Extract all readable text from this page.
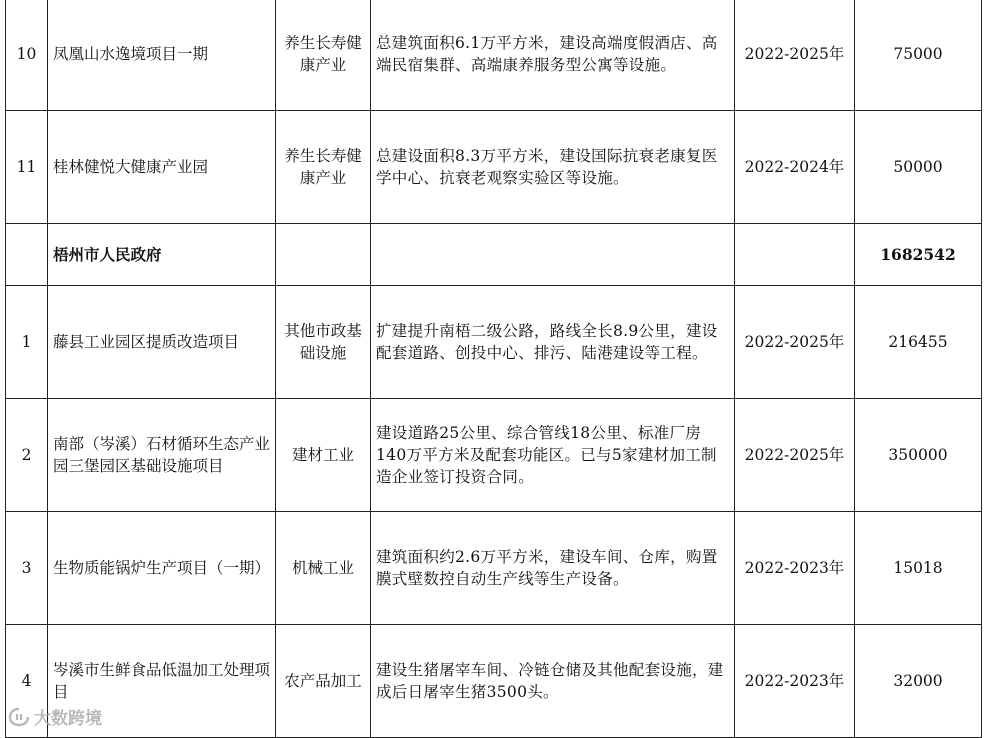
10	凤凰山水逸境项目一期	养生长寿健康产业	总建筑面积6.1万平方米，建设高端度假酒店、高端民宿集群、高端康养服务型公寓等设施。	2022-2025年	75000
11	桂林健悦大健康产业园	养生长寿健康产业	总建设面积8.3万平方米，建设国际抗衰老康复医学中心、抗衰老观察实验区等设施。	2022-2024年	50000
	梧州市人民政府				1682542
1	藤县工业园区提质改造项目	其他市政基础设施	扩建提升南梧二级公路，路线全长8.9公里，建设配套道路、创投中心、排污、陆港建设等工程。	2022-2025年	216455
2	南部（岑溪）石材循环生态产业园三堡园区基础设施项目	建材工业	建设道路25公里、综合管线18公里、标准厂房140万平方米及配套功能区。已与5家建材加工制造企业签订投资合同。	2022-2025年	350000
3	生物质能锅炉生产项目（一期）	机械工业	建筑面积约2.6万平方米，建设车间、仓库，购置膜式壁数控自动生产线等生产设备。	2022-2023年	15018
4	岑溪市生鲜食品低温加工处理项目	农产品加工	建设生猪屠宰车间、冷链仓储及其他配套设施，建成后日屠宰生猪3500头。	2022-2023年	32000
大数跨境
